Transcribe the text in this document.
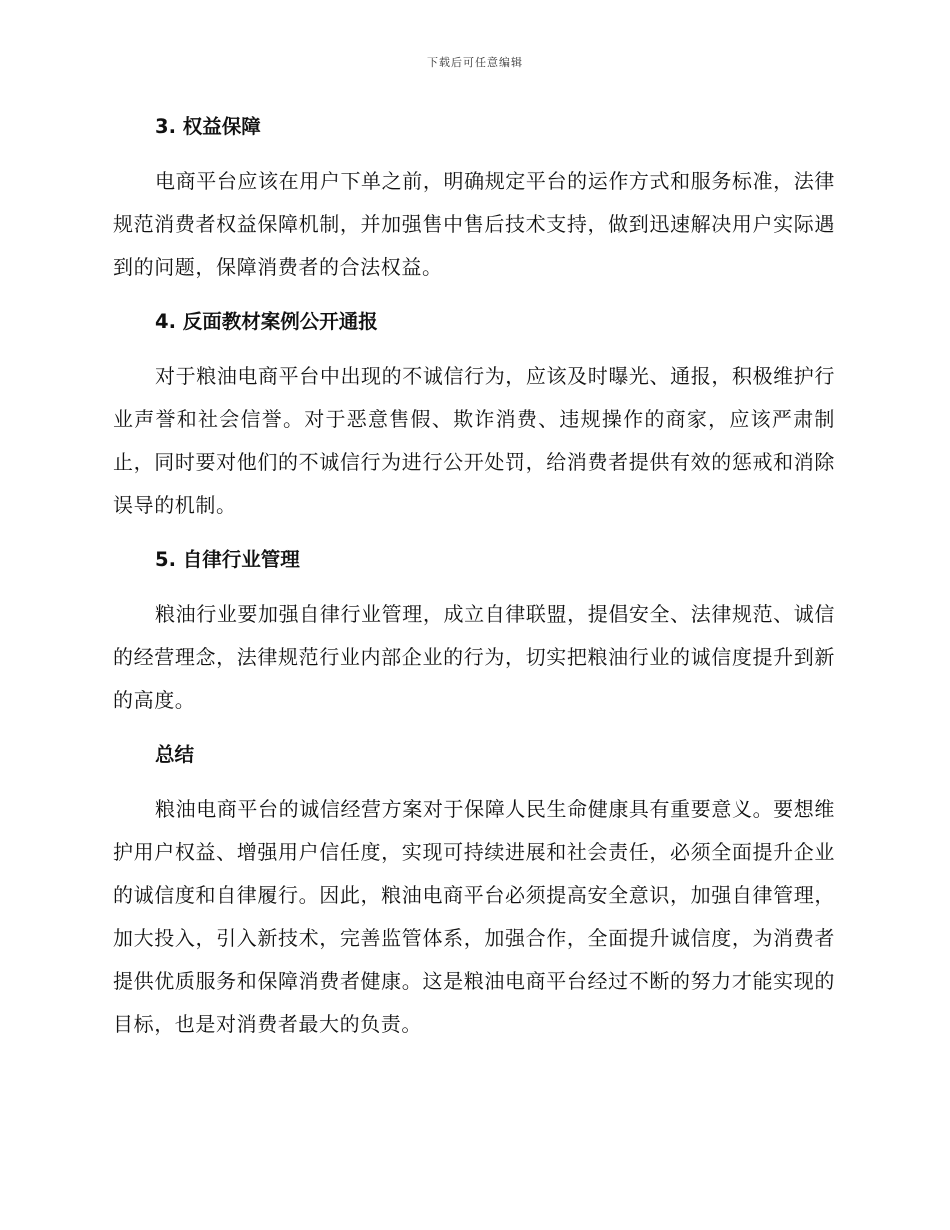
下载后可任意编辑
3. 权益保障

电商平台应该在用户下单之前，明确规定平台的运作方式和服务标准，法律规范消费者权益保障机制，并加强售中售后技术支持，做到迅速解决用户实际遇到的问题，保障消费者的合法权益。

4. 反面教材案例公开通报

对于粮油电商平台中出现的不诚信行为，应该及时曝光、通报，积极维护行业声誉和社会信誉。对于恶意售假、欺诈消费、违规操作的商家，应该严肃制止，同时要对他们的不诚信行为进行公开处罚，给消费者提供有效的惩戒和消除误导的机制。

5. 自律行业管理

粮油行业要加强自律行业管理，成立自律联盟，提倡安全、法律规范、诚信的经营理念，法律规范行业内部企业的行为，切实把粮油行业的诚信度提升到新的高度。

总结

粮油电商平台的诚信经营方案对于保障人民生命健康具有重要意义。要想维护用户权益、增强用户信任度，实现可持续进展和社会责任，必须全面提升企业的诚信度和自律履行。因此，粮油电商平台必须提高安全意识，加强自律管理，加大投入，引入新技术，完善监管体系，加强合作，全面提升诚信度，为消费者提供优质服务和保障消费者健康。这是粮油电商平台经过不断的努力才能实现的目标，也是对消费者最大的负责。
